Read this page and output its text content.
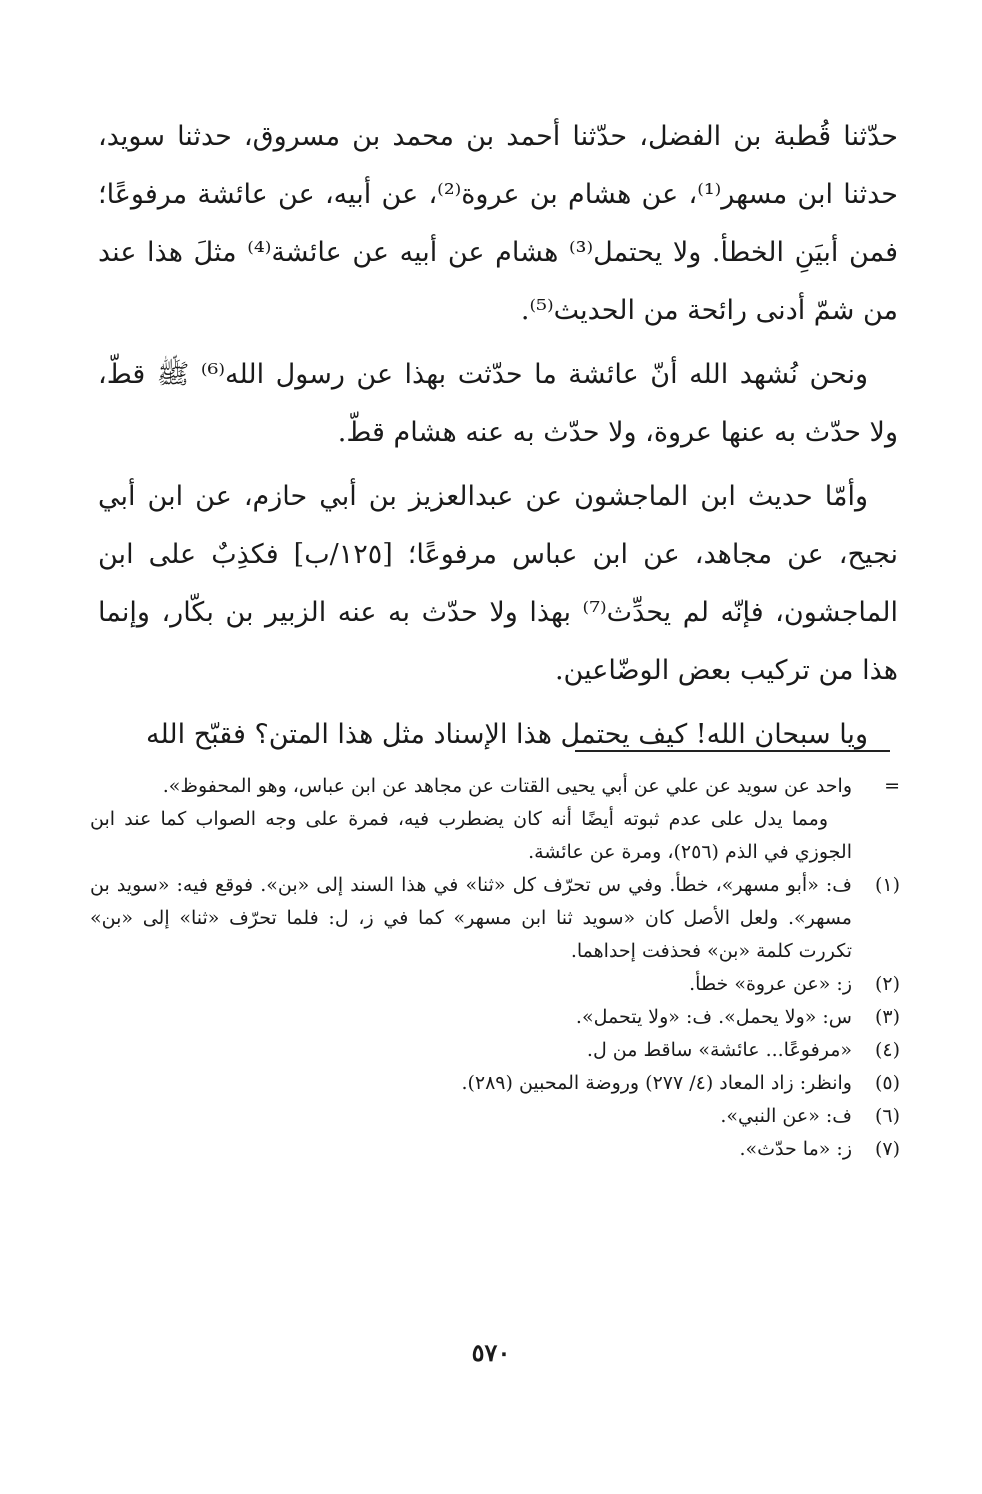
حدّثنا قُطبة بن الفضل، حدّثنا أحمد بن محمد بن مسروق، حدثنا سويد، حدثنا ابن مسهر⁽¹⁾، عن هشام بن عروة⁽²⁾، عن أبيه، عن عائشة مرفوعًا؛ فمن أبيَنِ الخطأ. ولا يحتمل⁽³⁾ هشام عن أبيه عن عائشة⁽⁴⁾ مثلَ هذا عند من شمّ أدنى رائحة من الحديث⁽⁵⁾.

ونحن نُشهد الله أنّ عائشة ما حدّثت بهذا عن رسول الله⁽⁶⁾ ﷺ قطّ، ولا حدّث به عنها عروة، ولا حدّث به عنه هشام قطّ.

وأمّا حديث ابن الماجشون عن عبدالعزيز بن أبي حازم، عن ابن أبي نجيح، عن مجاهد، عن ابن عباس مرفوعًا؛ [١٢٥/ب] فكذِبٌ على ابن الماجشون، فإنّه لم يحدِّث⁽⁷⁾ بهذا ولا حدّث به عنه الزبير بن بكّار، وإنما هذا من تركيب بعض الوضّاعين.

ويا سبحان الله! كيف يحتمل هذا الإسناد مثل هذا المتن؟ فقبّح الله

=
واحد عن سويد عن علي عن أبي يحيى القتات عن مجاهد عن ابن عباس، وهو المحفوظ».
ومما يدل على عدم ثبوته أيضًا أنه كان يضطرب فيه، فمرة على وجه الصواب كما عند ابن الجوزي في الذم (٢٥٦)، ومرة عن عائشة.
(١)
ف: «أبو مسهر»، خطأ. وفي س تحرّف كل «ثنا» في هذا السند إلى «بن». فوقع فيه: «سويد بن مسهر». ولعل الأصل كان «سويد ثنا ابن مسهر» كما في ز، ل: فلما تحرّف «ثنا» إلى «بن» تكررت كلمة «بن» فحذفت إحداهما.
(٢)
ز: «عن عروة» خطأ.
(٣)
س: «ولا يحمل». ف: «ولا يتحمل».
(٤)
«مرفوعًا... عائشة» ساقط من ل.
(٥)
وانظر: زاد المعاد (٤/ ٢٧٧) وروضة المحبين (٢٨٩).
(٦)
ف: «عن النبي».
(٧)
ز: «ما حدّث».
٥٧٠
